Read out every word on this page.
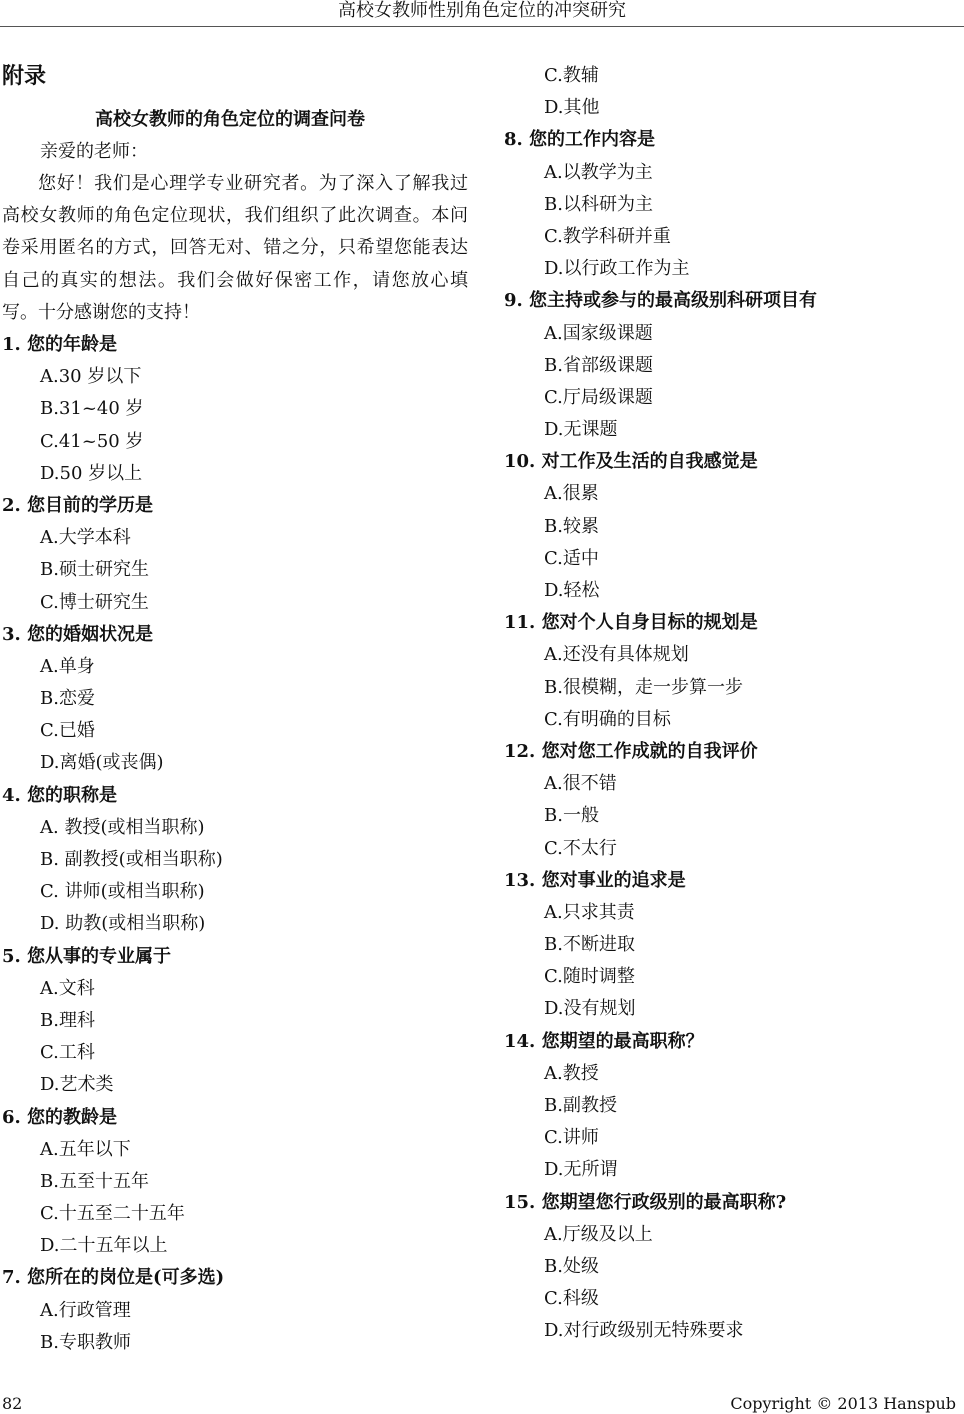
高校女教师性别角色定位的冲突研究
附录
高校女教师的角色定位的调查问卷
亲爱的老师：

您好！我们是心理学专业研究者。为了深入了解我过高校女教师的角色定位现状，我们组织了此次调查。本问卷采用匿名的方式，回答无对、错之分，只希望您能表达自己的真实的想法。我们会做好保密工作，请您放心填写。十分感谢您的支持！

1. 您的年龄是
A.30 岁以下
B.31~40 岁
C.41~50 岁
D.50 岁以上
2. 您目前的学历是
A.大学本科
B.硕士研究生
C.博士研究生
3. 您的婚姻状况是
A.单身
B.恋爱
C.已婚
D.离婚(或丧偶)
4. 您的职称是
A. 教授(或相当职称)
B. 副教授(或相当职称)
C. 讲师(或相当职称)
D. 助教(或相当职称)
5. 您从事的专业属于
A.文科
B.理科
C.工科
D.艺术类
6. 您的教龄是
A.五年以下
B.五至十五年
C.十五至二十五年
D.二十五年以上
7. 您所在的岗位是(可多选)
A.行政管理
B.专职教师
C.教辅
D.其他
8. 您的工作内容是
A.以教学为主
B.以科研为主
C.教学科研并重
D.以行政工作为主
9. 您主持或参与的最高级别科研项目有
A.国家级课题
B.省部级课题
C.厅局级课题
D.无课题
10. 对工作及生活的自我感觉是
A.很累
B.较累
C.适中
D.轻松
11. 您对个人自身目标的规划是
A.还没有具体规划
B.很模糊，走一步算一步
C.有明确的目标
12. 您对您工作成就的自我评价
A.很不错
B.一般
C.不太行
13. 您对事业的追求是
A.只求其责
B.不断进取
C.随时调整
D.没有规划
14. 您期望的最高职称？
A.教授
B.副教授
C.讲师
D.无所谓
15. 您期望您行政级别的最高职称?
A.厅级及以上
B.处级
C.科级
D.对行政级别无特殊要求
82	Copyright © 2013 Hanspub
